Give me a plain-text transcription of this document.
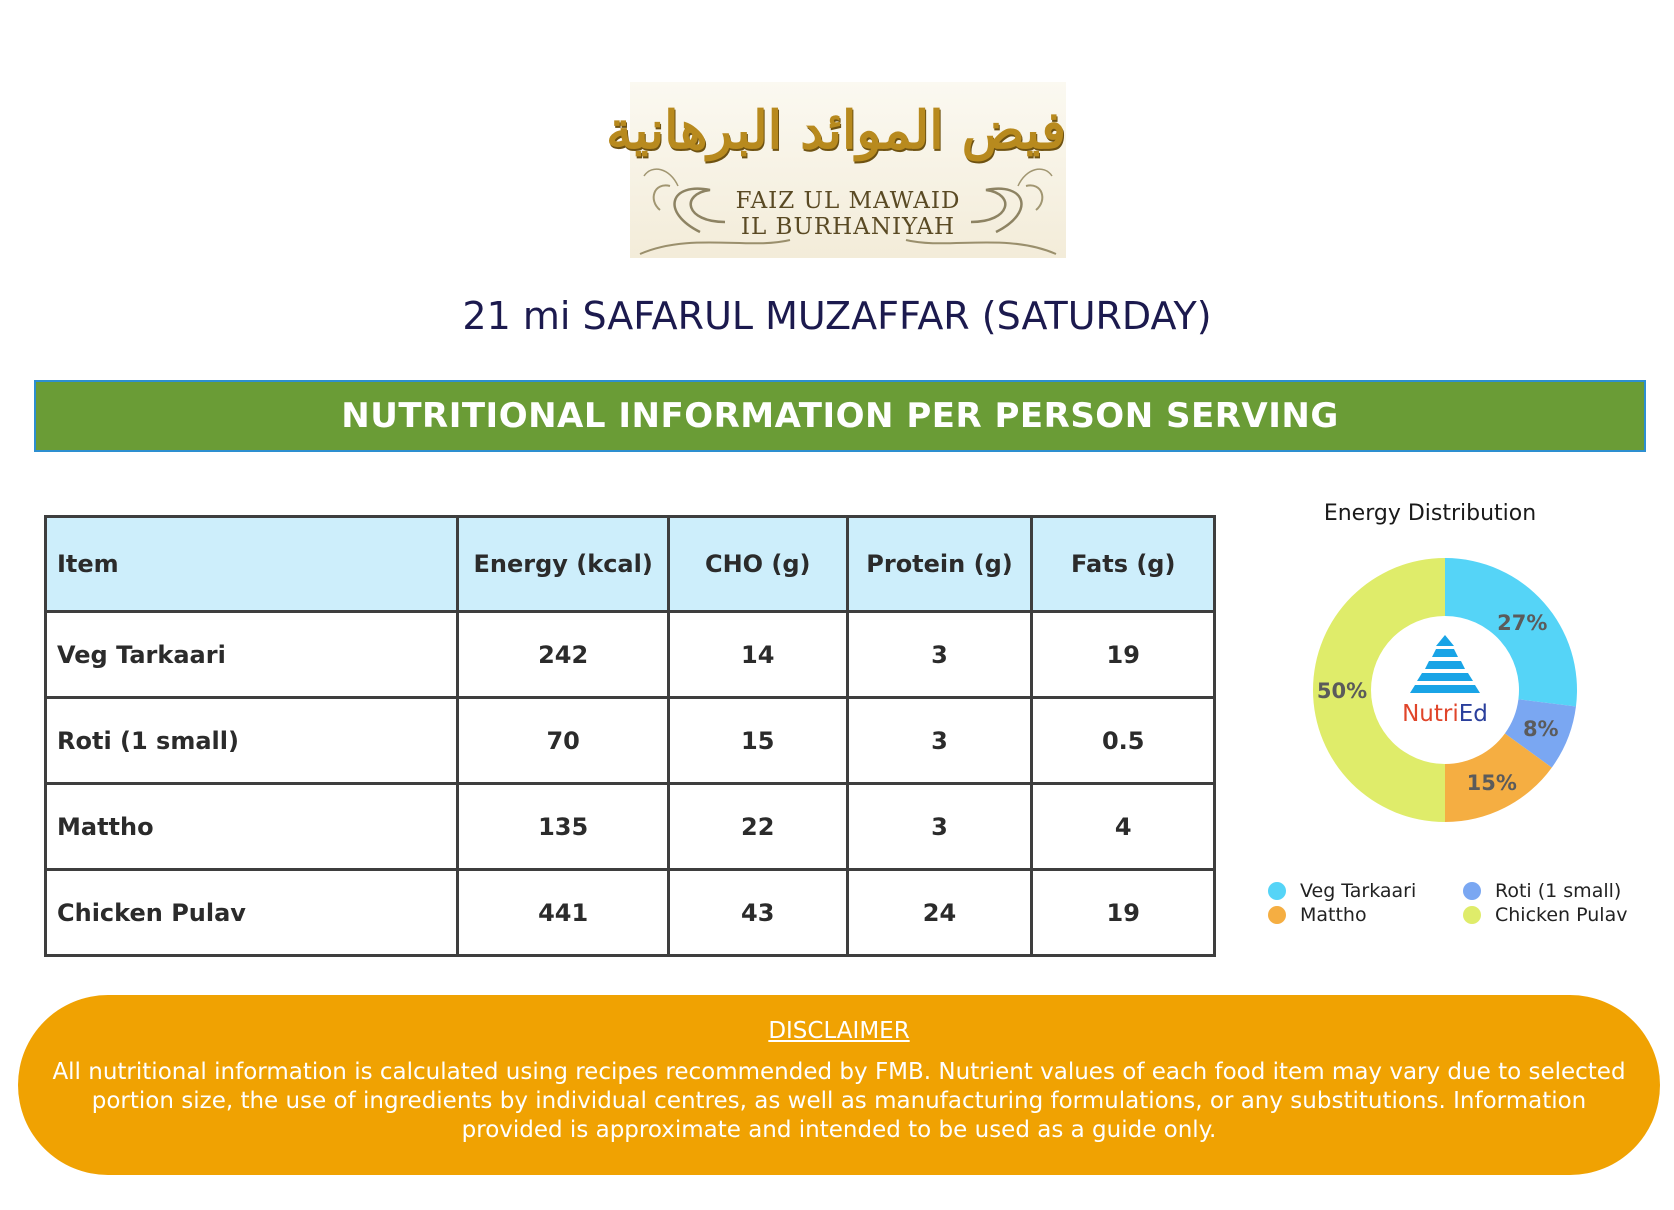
فيض الموائد البرهانية
FAIZ UL MAWAID
IL BURHANIYAH
21 mi SAFARUL MUZAFFAR (SATURDAY)
NUTRITIONAL INFORMATION PER PERSON SERVING
Item	Energy (kcal)	CHO (g)	Protein (g)	Fats (g)
Veg Tarkaari	242	14	3	19
Roti (1 small)	70	15	3	0.5
Mattho	135	22	3	4
Chicken Pulav	441	43	24	19
Energy Distribution
27%
8%
15%
50%
NutriEd
Veg Tarkaari	Roti (1 small)
Mattho	Chicken Pulav
DISCLAIMER
All nutritional information is calculated using recipes recommended by FMB. Nutrient values of each food item may vary due to selected portion size, the use of ingredients by individual centres, as well as manufacturing formulations, or any substitutions. Information provided is approximate and intended to be used as a guide only.
